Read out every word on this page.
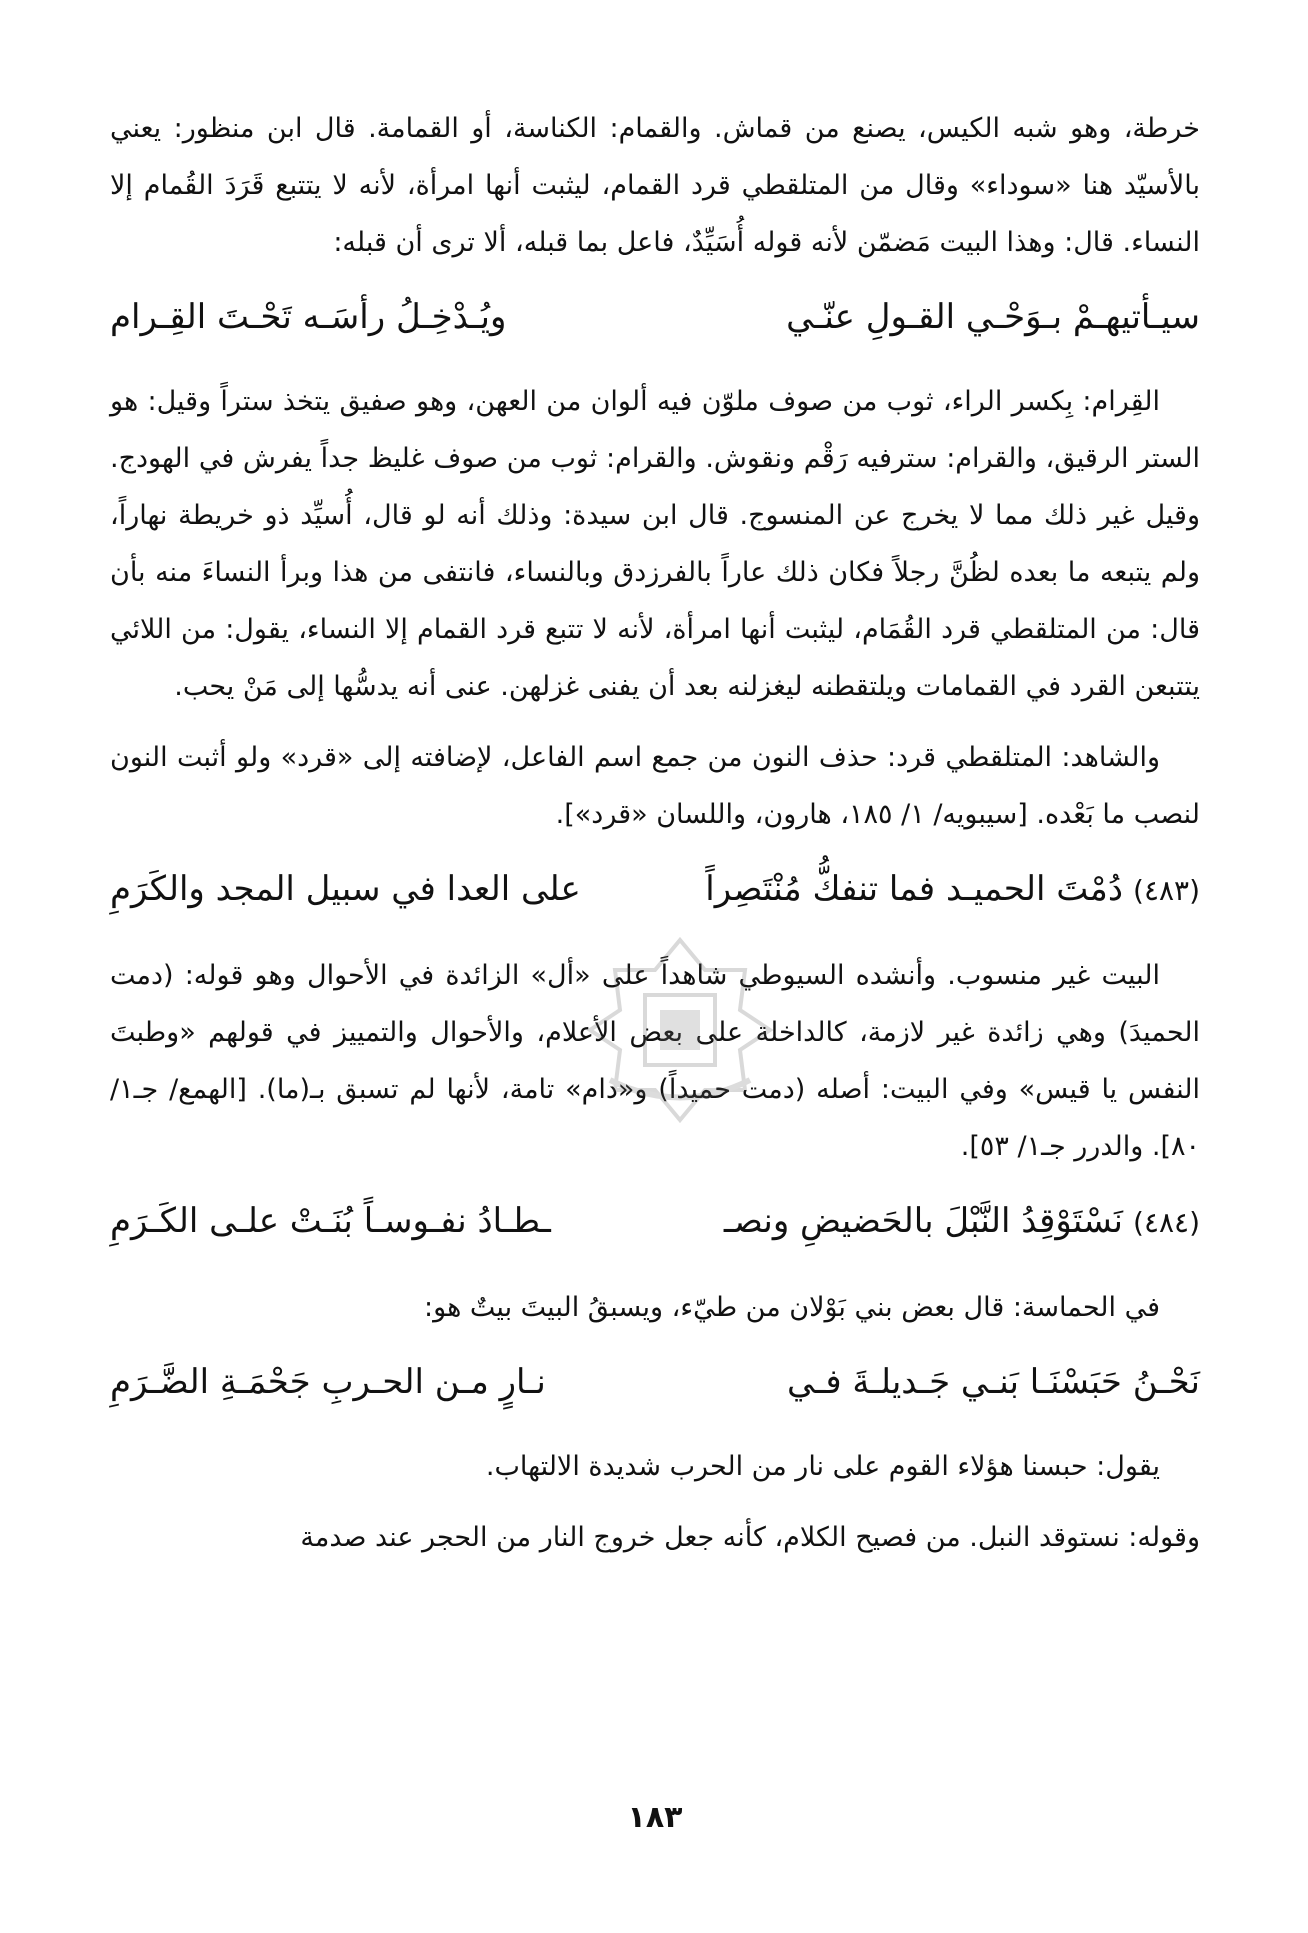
خرطة، وهو شبه الكيس، يصنع من قماش. والقمام: الكناسة، أو القمامة. قال ابن منظور: يعني بالأسيّد هنا «سوداء» وقال من المتلقطي قرد القمام، ليثبت أنها امرأة، لأنه لا يتتبع قَرَدَ القُمام إلا النساء. قال: وهذا البيت مَضمّن لأنه قوله أُسَيِّدٌ، فاعل بما قبله، ألا ترى أن قبله:

سيـأتيهـمْ بـوَحْـي القـولِ عنّـي
ويُـدْخِـلُ رأسَـه تَحْـتَ القِـرام

القِرام: بِكسر الراء، ثوب من صوف ملوّن فيه ألوان من العهن، وهو صفيق يتخذ ستراً وقيل: هو الستر الرقيق، والقرام: سترفيه رَقْم ونقوش. والقرام: ثوب من صوف غليظ جداً يفرش في الهودج. وقيل غير ذلك مما لا يخرج عن المنسوج. قال ابن سيدة: وذلك أنه لو قال، أُسيِّد ذو خريطة نهاراً، ولم يتبعه ما بعده لظُنَّ رجلاً فكان ذلك عاراً بالفرزدق وبالنساء، فانتفى من هذا وبرأ النساءَ منه بأن قال: من المتلقطي قرد القُمَام، ليثبت أنها امرأة، لأنه لا تتبع قرد القمام إلا النساء، يقول: من اللائي يتتبعن القرد في القمامات ويلتقطنه ليغزلنه بعد أن يفنى غزلهن. عنى أنه يدسُّها إلى مَنْ يحب.

والشاهد: المتلقطي قرد: حذف النون من جمع اسم الفاعل، لإضافته إلى «قرد» ولو أثبت النون لنصب ما بَعْده. [سيبويه/ ١/ ١٨٥، هارون، واللسان «قرد»].

(٤٨٣)دُمْتَ الحميـد فما تنفكُّ مُنْتَصِراً
على العدا في سبيل المجد والكَرَمِ

البيت غير منسوب. وأنشده السيوطي شاهداً على «أل» الزائدة في الأحوال وهو قوله: (دمت الحميدَ) وهي زائدة غير لازمة، كالداخلة على بعض الأعلام، والأحوال والتمييز في قولهم «وطبتَ النفس يا قيس» وفي البيت: أصله (دمت حميداً) و«دام» تامة، لأنها لم تسبق بـ(ما). [الهمع/ جـ١/ ٨٠]. والدرر جـ١/ ٥٣].

(٤٨٤)نَسْتَوْقِدُ النَّبْلَ بالحَضيضِ ونصـ
ـطـادُ نفـوسـاً بُنَـتْ علـى الكَـرَمِ

في الحماسة: قال بعض بني بَوْلان من طيّء، ويسبقُ البيتَ بيتٌ هو:

نَحْـنُ حَبَسْنَـا بَنـي جَـديلـةَ فـي
نـارٍ مـن الحـربِ جَحْمَـةِ الضَّـرَمِ

يقول: حبسنا هؤلاء القوم على نار من الحرب شديدة الالتهاب.

وقوله: نستوقد النبل. من فصيح الكلام، كأنه جعل خروج النار من الحجر عند صدمة

١٨٣
